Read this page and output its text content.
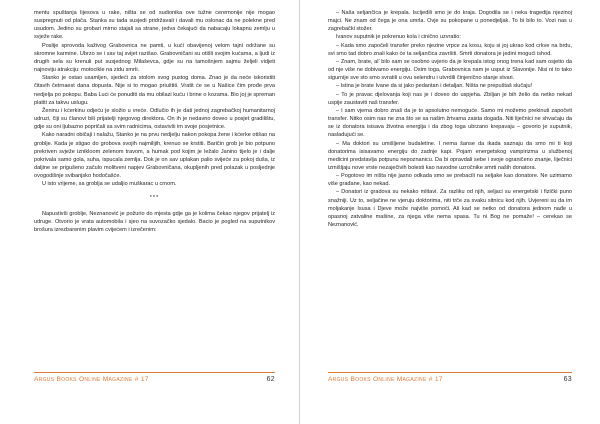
mentu spuštanja lijesova u rake, ništa se od sudionika ove tužne ceremonije nije mogao suspregnuti od plača. Stanka su tada susjedi pridržavali i davali mu oslonac da ne polekne pred usudom. Jedino su grobari mirno stajali sa strane, jedva čekajući da nabacaju lokapnu zemlju u svježe rake.

Poslije sprovoda kaživog Grabovnica ne pamti, u kući obavijenoj velom tajni održane su skromne karmine. Ubrzo se i sav taj svijet razišao. Grabovničani su otišli svojim kućama, a ljudi iz drugih sela su krenuli put susjednog Milaševca, gdje su na tamošnjem sajmu željeli vidjeti najnoviju atrakciju: motocikle na zidu smrti.

Stanko je ostao usamljen, sjedeći za stolom svog pustog doma. Znao je da neće iskoristiti čitavih četrnaest dana dopusta. Nije si to mogao priuštiti. Vratit će se u Našice čim prođe prva nedjelja po pokopu. Baba Luci će ponuditi da mu obilazi kuću i brine o kozama. Bio joj je spreman platiti za takvu uslugu.

Ženinu i kćerkinu odjeću je složio u vreće. Odlučio ih je dati jednoj zagrebačkoj humanitarnoj udruzi, čiji su članovi bili prijatelji njegovog direktora. On ih je nedavno doveo u posjet gradilištu, gdje su oni ljubazno popričali sa svim radnicima, ostavivši im svoje posjetnice.

Kako naradni običaji i nalažu, Stanko je na prvu nedjelju nakon pokopa žene i kćerke otišao na groblje. Kada je stigao do grobova svojih najmilijih, krenuo se krstiti. Baričin grob je bio potpuno prekriven svježe iznikloom zelenom travom, a humak pod kojim je ležalo Janino tijelo je i dalje pokrivala samo gola, suha, ispucala zemlja. Dok je on sav uplakan palio svijeće za pokoj duša, iz daljine se prigušeno začulo molitveni napjev Grabovničana, okupljenih pred polazak u posljednje ovogodišnje svibanjsko hodočašće.

U isto vrijeme, sa groblja se udaljio muškarac u crnom.

***

Napustivši groblje, Neznanović je požurio do mjesta gdje ga je kolima čekao njegov prijatelj iz udruge. Otvorio je vrata automobila i sjeo na suvozačko sjedalo. Bacio je pogled na suputnikov brošura izrezbarenim plavim cvijećem i izrečenim:

Argus Books Online Magazine # 17	62

– Naša seljančica je krepala. Iscijedili smo je do kraja. Dogodila se i neka tragedija njezinoj majci. Ne znam od čega je ona umrla. Ovje su pokopane u ponedjeljak. To bi bilo to. Vozi nas u zagrebački stožer.

Ivanov suputnik je pokrenuo kola i cinično uzvratio:

– Kada smo započeli transfer preko njezine vrpce za kosu, koju si joj ukrao kod crkve na brdu, svi smo tad dobro znali kako će ta seljančica završiti. Smrti donatora je jedini mogući ishod.

– Znam, brate, al’ bilo sam se osobno uvjerio da je krepala istog onog trena kad sam osjetio da od nje više ne dobivamo energiju. Osim toga, Grabovnica nam je usput iz Slavonije. Nisi ni to tako sigurnije sve sto smo svratili u ovu selendru i utvrdili činjenično stanje stvari.

– Istina je brate Ivane da si jako pedantan i detaljan. Ništa ne prepuštaš slučaju!

– To je pravac djelovanja koji nas je i doveo do uspjeha. Zbiljan je bih želio da netko nekad uspije zaustaviti naš transfer.

– I sam vjerna dobro znaš da je to apsolutno nemoguće. Samo mi možemo prekinuti započeti transfer. Nitko osim nas ne zna što se sa našim žrtvama zaista događa. Niti liječnici ne shvaćaju da se iz donatora isisava životna energija i da zbog toga ubrzano krepavaju – govorio je suputnik, nasladujući se.

– Ma doktori su umišljene budaletine. I nema šanse da ikada saznaju da smo mi ti koji donatorima isisavamo energiju do zadnje kapi. Pojam energetskog vampirizma u službenoj medicini predstavlja potpunu nepoznanicu. Da bi opravdali sebe i svoje ograničeno znanje, liječnici izmišljaju nove vrste nezaječivih bolesti kao navodne uzročnike smrti naših donatora.

– Pogotovo im ništa nije jasno odkada smo se prebacili na seljake kao donatore. Ne uzimamo više građane, kao nekad.

– Donatori iz gradova su nekako mlitavi. Za razliku od njih, seljaci su energetski i fizički puno snažniji. Uz to, seljačine ne vjeruju doktorima, niti trče za svaku sitnicu kod njih. Uvjereni su da im moljakanje Isusa i Djeve može najviše pomoći. Ali kad se netko od donatora jednom nađe u opasnoj zatvaline mašine, za njega više nema spasa. Tu ni Bog ne pomaže! – cerekao se Neznanović.

Argus Books Online Magazine # 17	63
